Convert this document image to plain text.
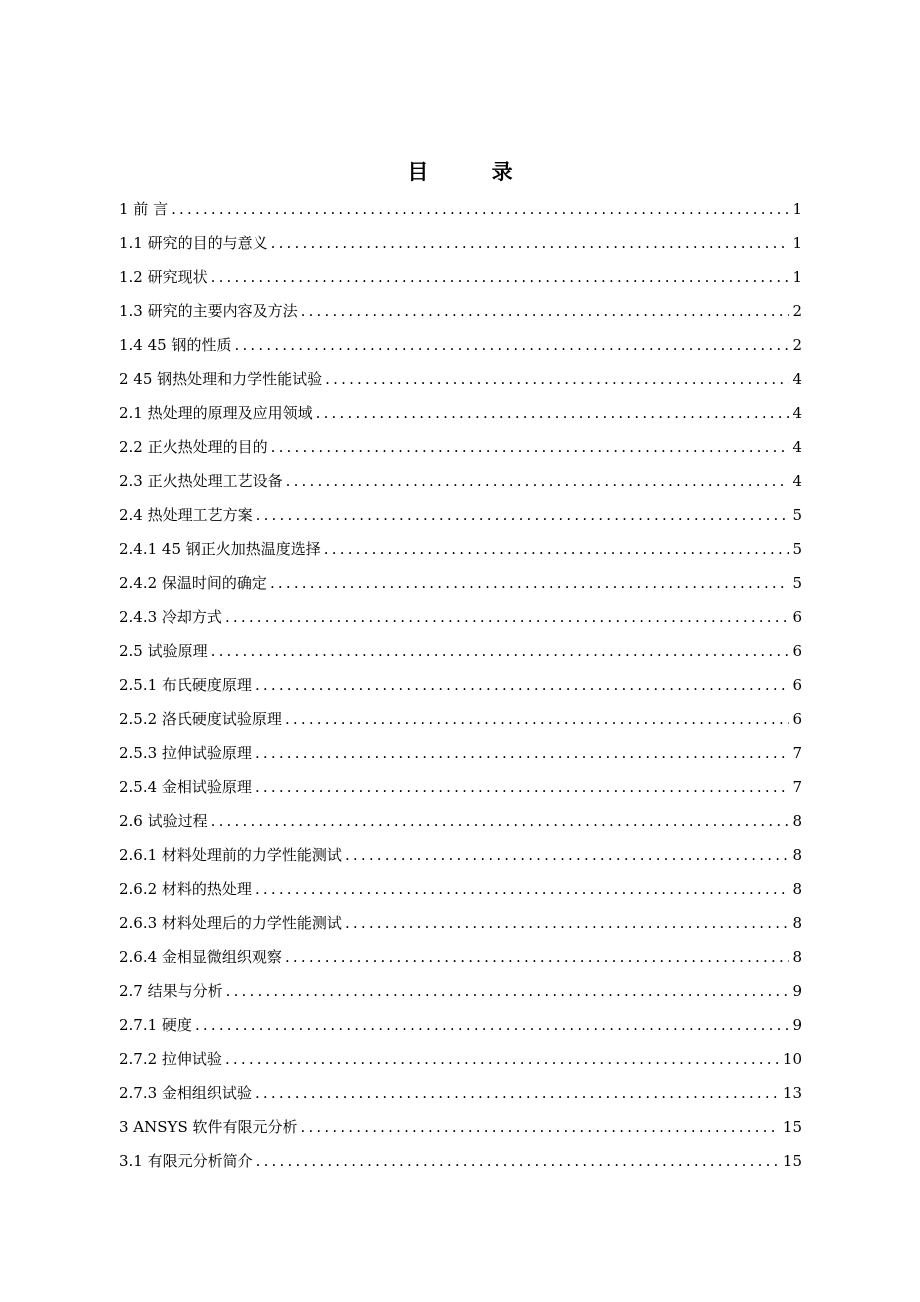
目 录
1 前 言 .....	1
1.1 研究的目的与意义 .....	1
1.2 研究现状 .....	1
1.3 研究的主要内容及方法 .....	2
1.4 45 钢的性质 .....	2
2 45 钢热处理和力学性能试验 .....	4
2.1 热处理的原理及应用领域 .....	4
2.2 正火热处理的目的 .....	4
2.3 正火热处理工艺设备 .....	4
2.4 热处理工艺方案 .....	5
2.4.1 45 钢正火加热温度选择 .....	5
2.4.2 保温时间的确定 .....	5
2.4.3 冷却方式 .....	6
2.5 试验原理 .....	6
2.5.1 布氏硬度原理 .....	6
2.5.2 洛氏硬度试验原理 .....	6
2.5.3 拉伸试验原理 .....	7
2.5.4 金相试验原理 .....	7
2.6 试验过程 .....	8
2.6.1 材料处理前的力学性能测试 .....	8
2.6.2 材料的热处理 .....	8
2.6.3 材料处理后的力学性能测试 .....	8
2.6.4 金相显微组织观察 .....	8
2.7 结果与分析 .....	9
2.7.1 硬度 .....	9
2.7.2 拉伸试验 .....	10
2.7.3 金相组织试验 .....	13
3 ANSYS 软件有限元分析 .....	15
3.1 有限元分析简介 .....	15
